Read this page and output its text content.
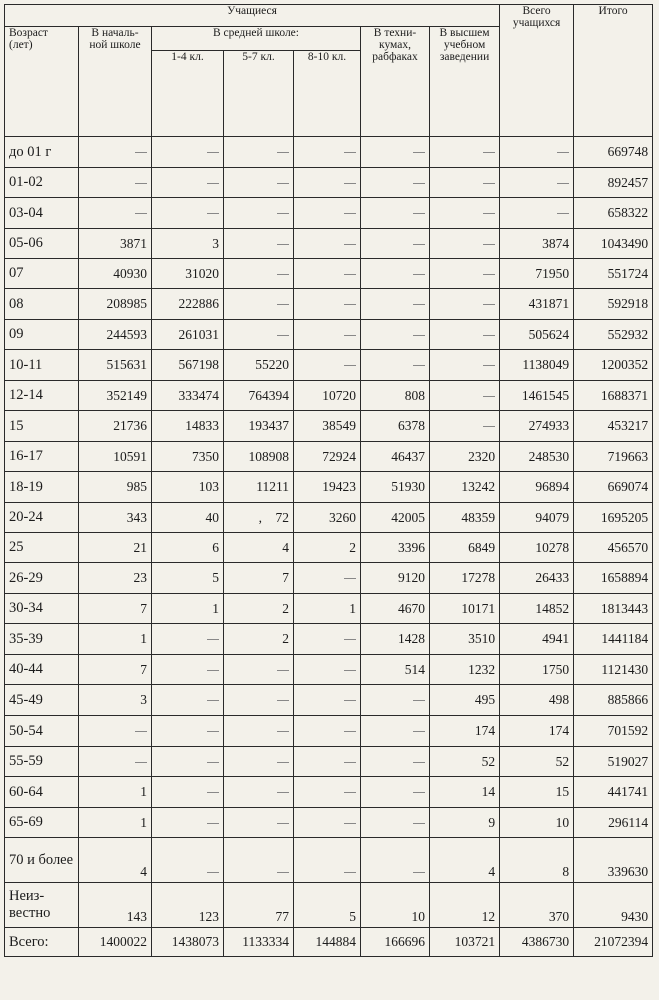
Учащиеся							Всего учащихся	Итого
Возраст (лет)	В началь-ной школе	В средней школе:			В техни-кумах, рабфаках	В высшем учебном заведении		
		1-4 кл.	5-7 кл.	8-10 кл.				
до 01 г								669748
01-02								892457
03-04								658322
05-06	3871	3					3874	1043490
07	40930	31020					71950	551724
08	208985	222886					431871	592918
09	244593	261031					505624	552932
10-11	515631	567198	55220				1138049	1200352
12-14	352149	333474	764394	10720	808		1461545	1688371
15	21736	14833	193437	38549	6378		274933	453217
16-17	10591	7350	108908	72924	46437	2320	248530	719663
18-19	985	103	11211	19423	51930	13242	96894	669074
20-24	343	40	,    72	3260	42005	48359	94079	1695205
25	21	6	4	2	3396	6849	10278	456570
26-29	23	5	7		9120	17278	26433	1658894
30-34	7	1	2	1	4670	10171	14852	1813443
35-39	1		2		1428	3510	4941	1441184
40-44	7				514	1232	1750	1121430
45-49	3					495	498	885866
50-54						174	174	701592
55-59						52	52	519027
60-64	1					14	15	441741
65-69	1					9	10	296114
70 и более	4					4	8	339630
Неиз-вестно	143	123	77	5	10	12	370	9430
Всего:	1400022	1438073	1133334	144884	166696	103721	4386730	21072394
